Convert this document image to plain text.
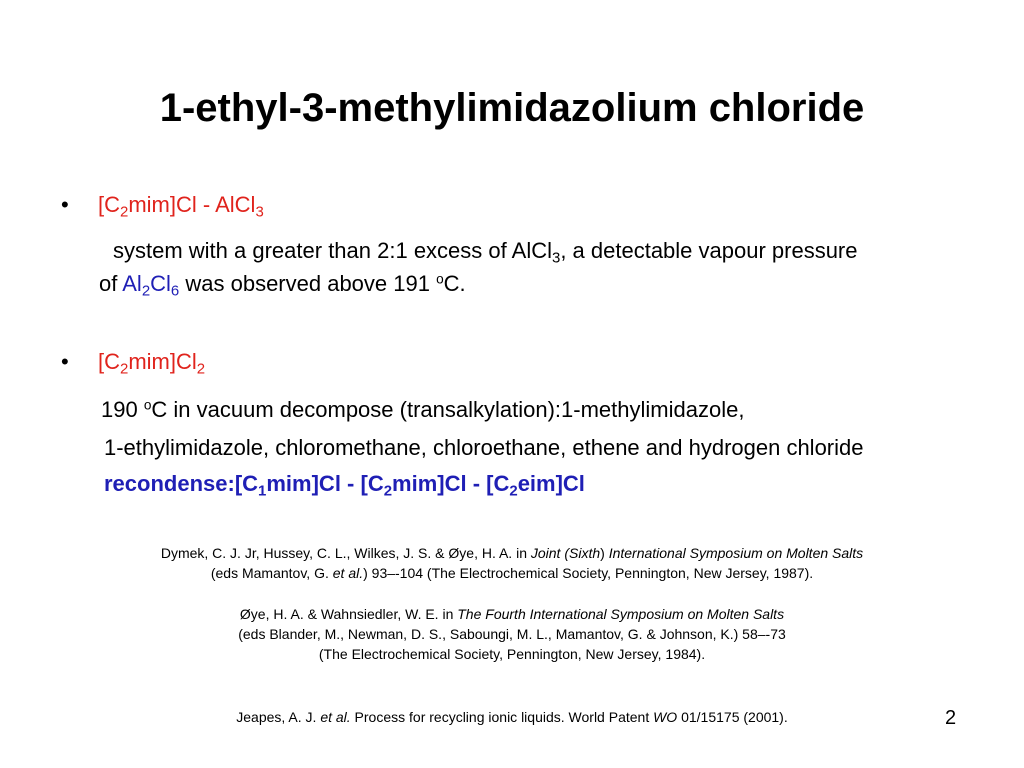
1-ethyl-3-methylimidazolium chloride
• $[C_2mim]Cl$ - AlCl$_3$
system with a greater than 2:1 excess of AlCl$_3$, a detectable vapour pressure
of $Al_2Cl_6$ was observed above 191 $^o$C.
• $[C_2mim]Cl_2$
190 $^o$C in vacuum decompose (transalkylation):1-methylimidazole,
1-ethylimidazole, chloromethane, chloroethane, ethene and hydrogen chloride
$recondense:[C_1mim]Cl - [C_2mim]Cl - [C_2eim]Cl$
Dymek, C. J. Jr, Hussey, C. L., Wilkes, J. S. & Øye, H. A. in Joint (Sixth) International Symposium on Molten Salts
(eds Mamantov, G. et al.) 93–-104 (The Electrochemical Society, Pennington, New Jersey, 1987).
Øye, H. A. & Wahnsiedler, W. E. in The Fourth International Symposium on Molten Salts
(eds Blander, M., Newman, D. S., Saboungi, M. L., Mamantov, G. & Johnson, K.) 58–-73
(The Electrochemical Society, Pennington, New Jersey, 1984).
Jeapes, A. J. et al. Process for recycling ionic liquids. World Patent WO 01/15175 (2001).	2
